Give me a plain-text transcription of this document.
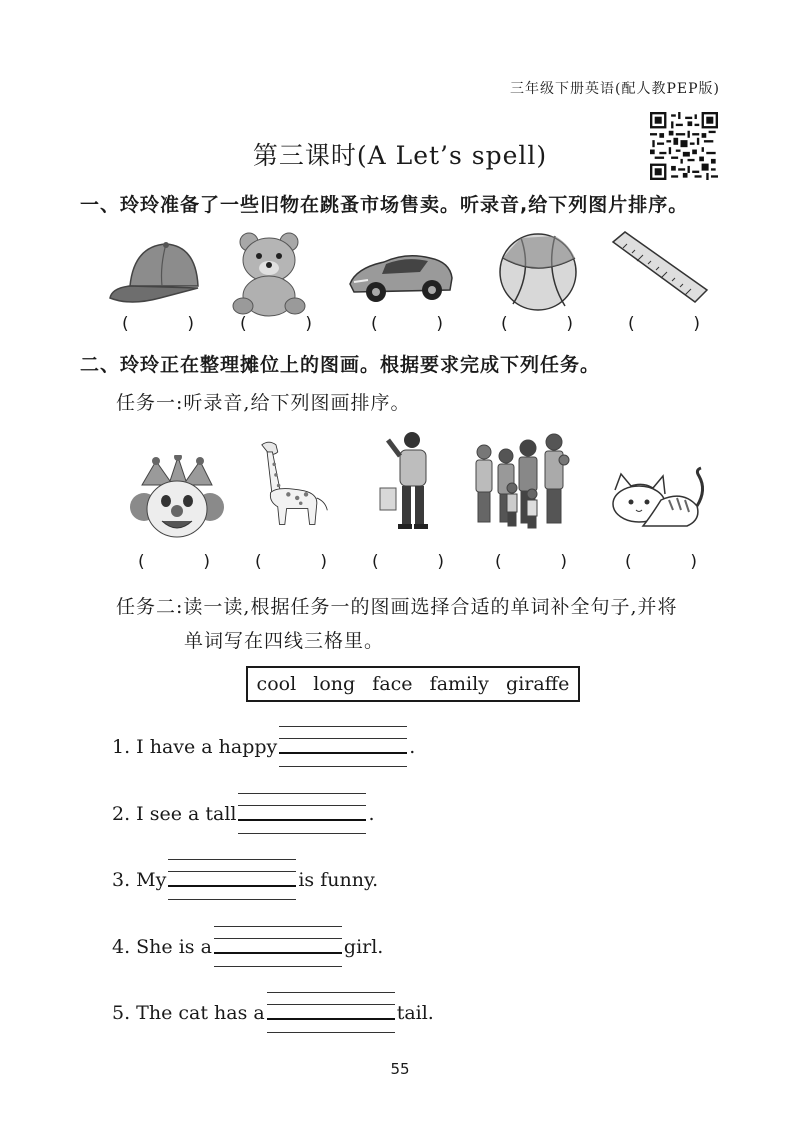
三年级下册英语(配人教PEP版)
第三课时(A Let’s spell)
一、玲玲准备了一些旧物在跳蚤市场售卖。听录音,给下列图片排序。
(	)	(	)	(	)	(	)	(	)
二、玲玲正在整理摊位上的图画。根据要求完成下列任务。
任务一:听录音,给下列图画排序。
(	)	(	)	(	)	(	)	(	)
任务二:读一读,根据任务一的图画选择合适的单词补全句子,并将
单词写在四线三格里。
cool long face family giraffe
1. I have a happy	.
2. I see a tall	.
3. My	is funny.
4. She is a	girl.
5. The cat has a	tail.
55
